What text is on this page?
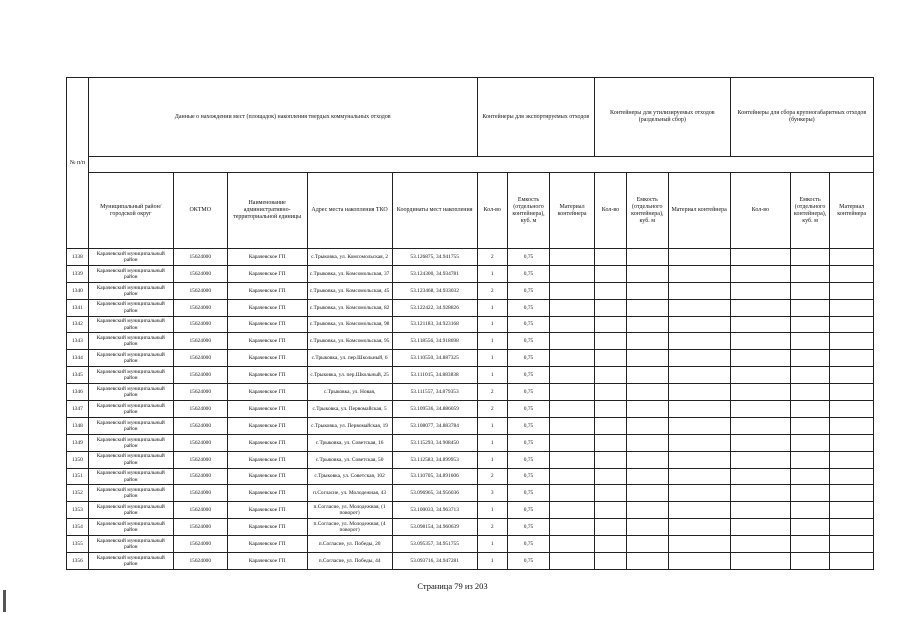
№ п/п	Данные о нахождении мест (площадок) накопления твердых коммунальных отходов					Контейнеры для экспортируемых отходов			Контейнеры для утилизируемых отходов (раздельный сбор)			Контейнеры для сбора крупногабаритных отходов (бункеры)		

	Муниципальный район/городской округ	ОКТМО	Наименование административно-территориальной единицы	Адрес места накопления ТКО	Координаты мест накопления	Кол-во	Емкость (отдельного контейнера), куб. м	Материал контейнера	Кол-во	Емкость (отдельного контейнера), куб. м	Материал контейнера	Кол-во	Емкость (отдельного контейнера), куб. м	Материал контейнера
1338	Карачевский муниципальный район	15624000	Карачевское ГП	с.Трыковка, ул. Комсомольская, 2	53.126875, 34.941755	2	0,75							
1339	Карачевский муниципальный район	15624000	Карачевское ГП	с.Трыковка, ул. Комсомольская, 37	53.124300, 34.934781	1	0,75							
1340	Карачевский муниципальный район	15624000	Карачевское ГП	с.Трыковка, ул. Комсомольская, 45	53.123468, 34.933032	2	0,75							
1341	Карачевский муниципальный район	15624000	Карачевское ГП	с.Трыковка, ул. Комсомольская, 82	53.122422, 34.928826	1	0,75							
1342	Карачевский муниципальный район	15624000	Карачевское ГП	с.Трыковка, ул. Комсомольская, 98	53.121183, 34.923168	1	0,75							
1343	Карачевский муниципальный район	15624000	Карачевское ГП	с.Трыковка, ул. Комсомольская, 95	53.118556, 34.918698	1	0,75							
1344	Карачевский муниципальный район	15624000	Карачевское ГП	с.Трыковка, ул. пер.Школьный, 6	53.110550, 34.887325	1	0,75							
1345	Карачевский муниципальный район	15624000	Карачевское ГП	с.Трыковка, ул. пер.Школьный, 25	53.111015, 34.883838	1	0,75							
1346	Карачевский муниципальный район	15624000	Карачевское ГП	с.Трыковка, ул. Новая,	53.111557, 34.879353	2	0,75							
1347	Карачевский муниципальный район	15624000	Карачевское ГП	с.Трыковка, ул. Первомайская, 5	53.109536, 34.886059	2	0,75							
1348	Карачевский муниципальный район	15624000	Карачевское ГП	с.Трыковка, ул. Первомайская, 19	53.108077, 34.883784	1	0,75							
1349	Карачевский муниципальный район	15624000	Карачевское ГП	с.Трыковка, ул. Советская, 16	53.115293, 34.908450	1	0,75							
1350	Карачевский муниципальный район	15624000	Карачевское ГП	с.Трыковка, ул. Советская, 50	53.112583, 34.899953	1	0,75							
1351	Карачевский муниципальный район	15624000	Карачевское ГП	с.Трыковка, ул. Советская, 102	53.110705, 34.891606	2	0,75							
1352	Карачевский муниципальный район	15624000	Карачевское ГП	п.Согласие, ул. Молодежная, 43	53.096965, 34.956036	3	0,75							
1353	Карачевский муниципальный район	15624000	Карачевское ГП	п.Согласие, ул. Молодежная, (1 поворот)	53.100033, 34.963713	1	0,75							
1354	Карачевский муниципальный район	15624000	Карачевское ГП	п.Согласие, ул. Молодежная, (4 поворот)	53.098154, 34.960639	2	0,75							
1355	Карачевский муниципальный район	15624000	Карачевское ГП	п.Согласие, ул. Победы, 20	53.095357, 34.951755	1	0,75							
1356	Карачевский муниципальный район	15624000	Карачевское ГП	п.Согласие, ул. Победы, 44	53.093716, 34.947281	1	0,75							
Страница 79 из 203
